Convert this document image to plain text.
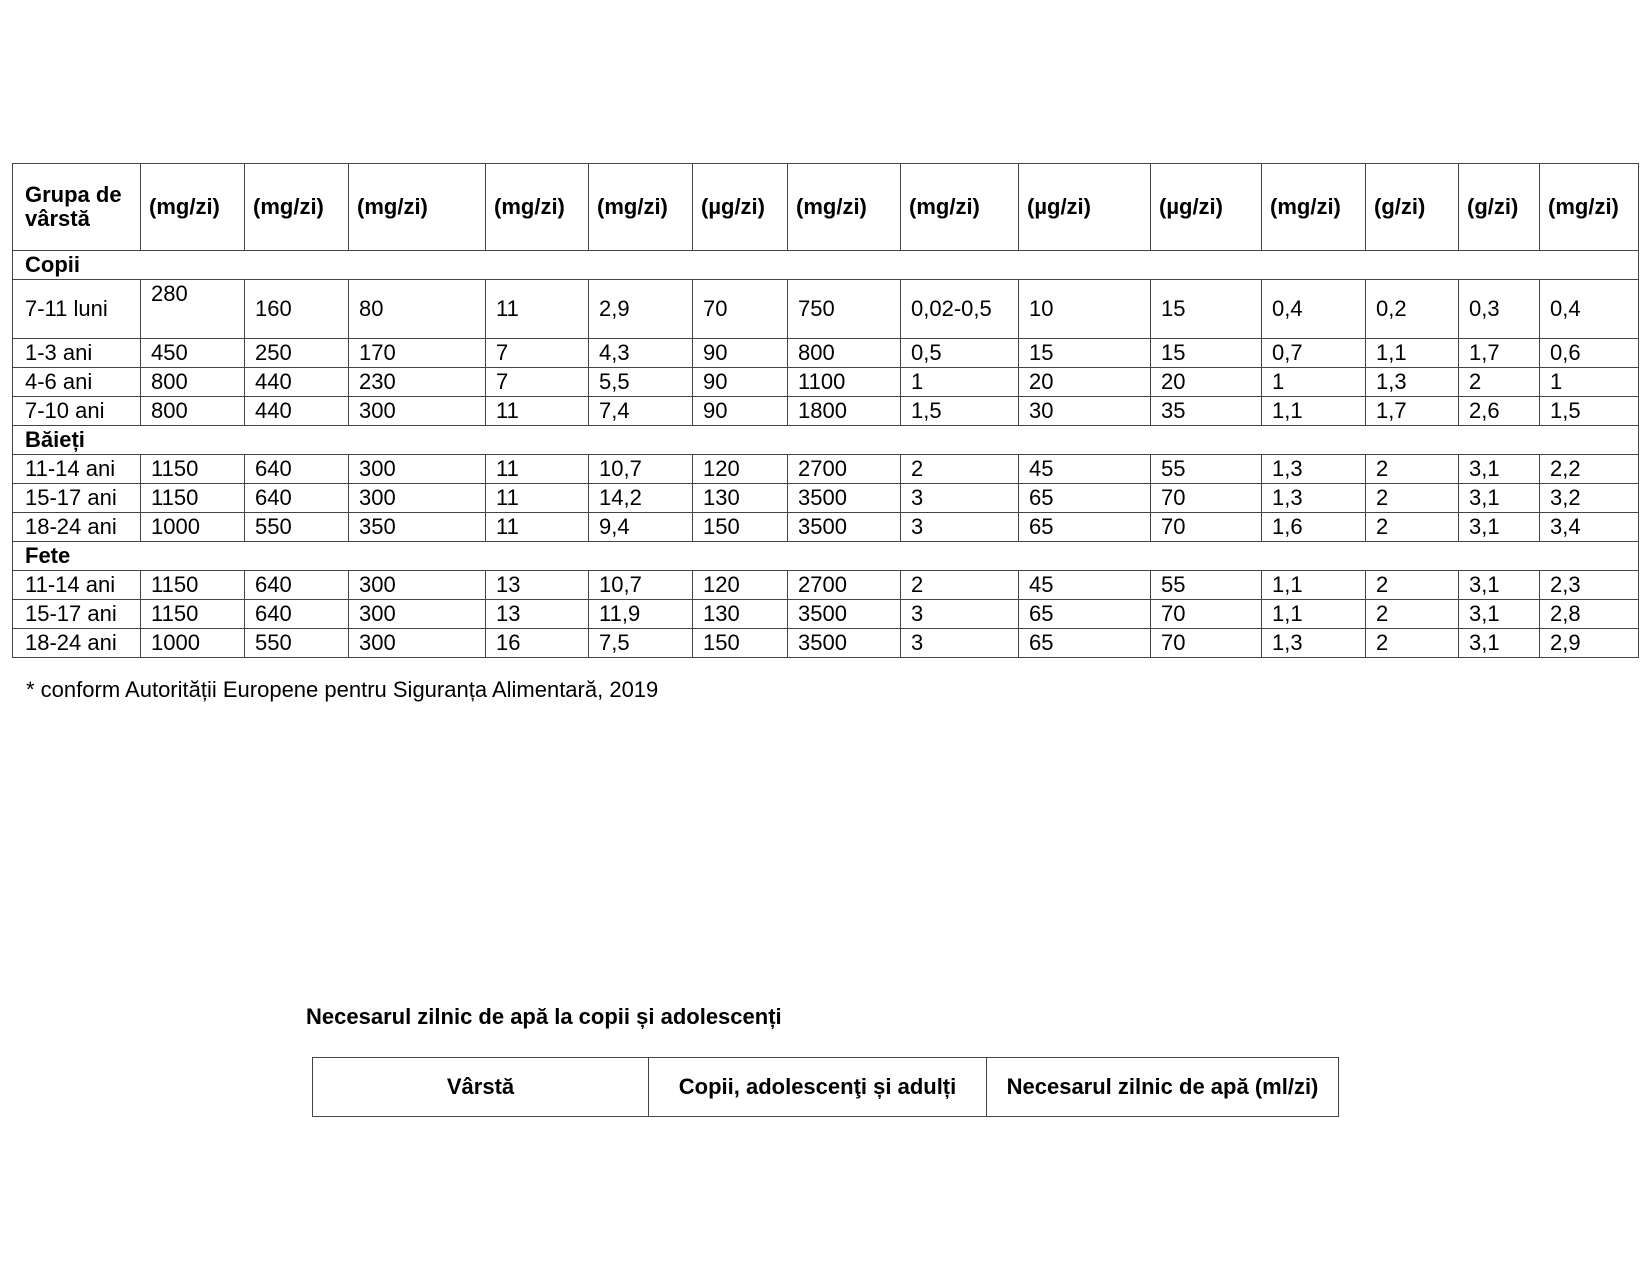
Grupa de vârstă	(mg/zi)	(mg/zi)	(mg/zi)	(mg/zi)	(mg/zi)	(µg/zi)	(mg/zi)	(mg/zi)	(µg/zi)	(µg/zi)	(mg/zi)	(g/zi)	(g/zi)	(mg/zi)
Copii														
7-11 luni	280	160	80	11	2,9	70	750	0,02-0,5	10	15	0,4	0,2	0,3	0,4
1-3 ani	450	250	170	7	4,3	90	800	0,5	15	15	0,7	1,1	1,7	0,6
4-6 ani	800	440	230	7	5,5	90	1100	1	20	20	1	1,3	2	1
7-10 ani	800	440	300	11	7,4	90	1800	1,5	30	35	1,1	1,7	2,6	1,5
Băieți														
11-14 ani	1150	640	300	11	10,7	120	2700	2	45	55	1,3	2	3,1	2,2
15-17 ani	1150	640	300	11	14,2	130	3500	3	65	70	1,3	2	3,1	3,2
18-24 ani	1000	550	350	11	9,4	150	3500	3	65	70	1,6	2	3,1	3,4
Fete														
11-14 ani	1150	640	300	13	10,7	120	2700	2	45	55	1,1	2	3,1	2,3
15-17 ani	1150	640	300	13	11,9	130	3500	3	65	70	1,1	2	3,1	2,8
18-24 ani	1000	550	300	16	7,5	150	3500	3	65	70	1,3	2	3,1	2,9
* conform Autorității Europene pentru Siguranța Alimentară, 2019
Necesarul zilnic de apă la copii și adolescenți
Vârstă	Copii, adolescenţi și adulți	Necesarul zilnic de apă (ml/zi)
